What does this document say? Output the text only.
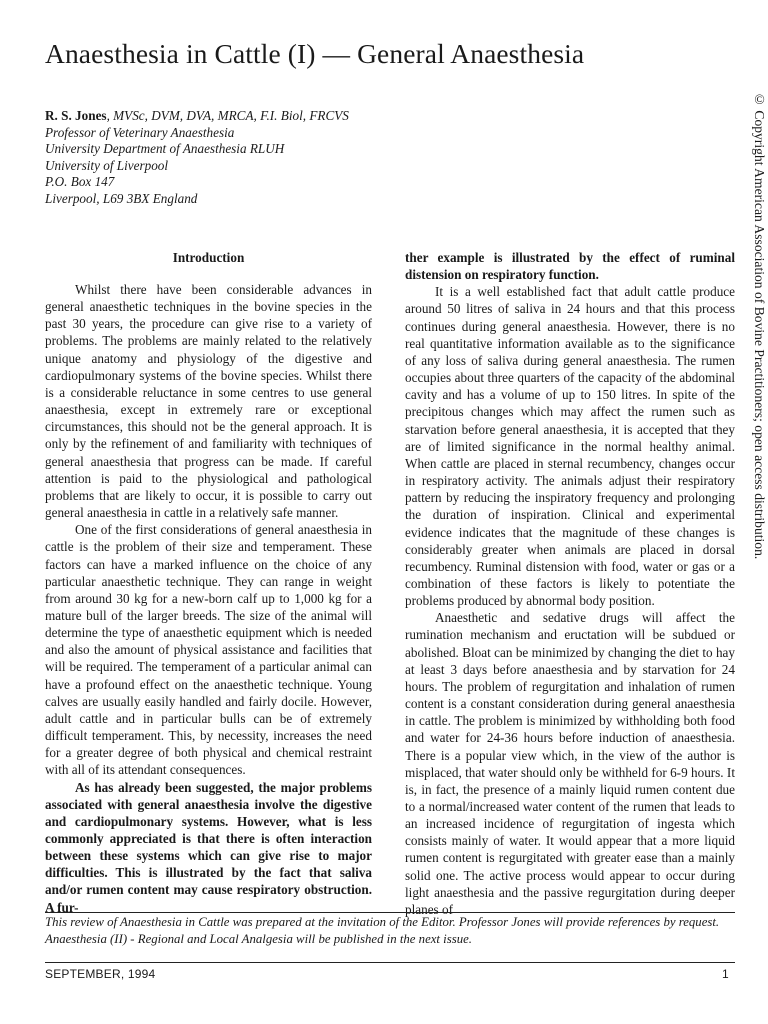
Anaesthesia in Cattle (I) — General Anaesthesia
R. S. Jones, MVSc, DVM, DVA, MRCA, F.I. Biol, FRCVS
Professor of Veterinary Anaesthesia
University Department of Anaesthesia RLUH
University of Liverpool
P.O. Box 147
Liverpool, L69 3BX England

Introduction

Whilst there have been considerable advances in general anaesthetic techniques in the bovine species in the past 30 years, the procedure can give rise to a variety of problems. The problems are mainly related to the relatively unique anatomy and physiology of the digestive and cardiopulmonary systems of the bovine species. Whilst there is a considerable reluctance in some centres to use general anaesthesia, except in extremely rare or exceptional circumstances, this should not be the general approach. It is only by the refinement of and familiarity with techniques of general anaesthesia that progress can be made. If careful attention is paid to the physiological and pathological problems that are likely to occur, it is possible to carry out general anaesthesia in cattle in a relatively safe manner.

One of the first considerations of general anaesthesia in cattle is the problem of their size and temperament. These factors can have a marked influence on the choice of any particular anaesthetic technique. They can range in weight from around 30 kg for a new-born calf up to 1,000 kg for a mature bull of the larger breeds. The size of the animal will determine the type of anaesthetic equipment which is needed and also the amount of physical assistance and facilities that will be required. The temperament of a particular animal can have a profound effect on the anaesthetic technique. Young calves are usually easily handled and fairly docile. However, adult cattle and in particular bulls can be of extremely difficult temperament. This, by necessity, increases the need for a greater degree of both physical and chemical restraint with all of its attendant consequences.

As has already been suggested, the major problems associated with general anaesthesia involve the digestive and cardiopulmonary systems. However, what is less commonly appreciated is that there is often interaction between these systems which can give rise to major difficulties. This is illustrated by the fact that saliva and/or rumen content may cause respiratory obstruction. A fur-

ther example is illustrated by the effect of ruminal distension on respiratory function.

It is a well established fact that adult cattle produce around 50 litres of saliva in 24 hours and that this process continues during general anaesthesia. However, there is no real quantitative information available as to the significance of any loss of saliva during general anaesthesia. The rumen occupies about three quarters of the capacity of the abdominal cavity and has a volume of up to 150 litres. In spite of the precipitous changes which may affect the rumen such as starvation before general anaesthesia, it is accepted that they are of limited significance in the normal healthy animal. When cattle are placed in sternal recumbency, changes occur in respiratory activity. The animals adjust their respiratory pattern by reducing the inspiratory frequency and prolonging the duration of inspiration. Clinical and experimental evidence indicates that the magnitude of these changes is considerably greater when animals are placed in dorsal recumbency. Ruminal distension with food, water or gas or a combination of these factors is likely to potentiate the problems produced by abnormal body position.

Anaesthetic and sedative drugs will affect the rumination mechanism and eructation will be subdued or abolished. Bloat can be minimized by changing the diet to hay at least 3 days before anaesthesia and by starvation for 24 hours. The problem of regurgitation and inhalation of rumen content is a constant consideration during general anaesthesia in cattle. The problem is minimized by withholding both food and water for 24-36 hours before induction of anaesthesia. There is a popular view which, in the view of the author is misplaced, that water should only be withheld for 6-9 hours. It is, in fact, the presence of a mainly liquid rumen content due to a normal/increased water content of the rumen that leads to an increased incidence of regurgitation of ingesta which consists mainly of water. It would appear that a more liquid rumen content is regurgitated with greater ease than a mainly solid one. The active process would appear to occur during light anaesthesia and the passive regurgitation during deeper planes of

This review of Anaesthesia in Cattle was prepared at the invitation of the Editor. Professor Jones will provide references by request. Anaesthesia (II) - Regional and Local Analgesia will be published in the next issue.
SEPTEMBER, 1994	1
© Copyright American Association of Bovine Practitioners; open access distribution.
